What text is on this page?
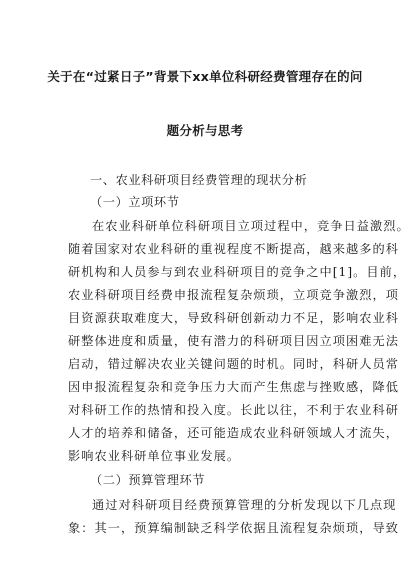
关于在“过紧日子”背景下xx单位科研经费管理存在的问
题分析与思考
一、农业科研项目经费管理的现状分析
（一）立项环节
在农业科研单位科研项目立项过程中，竞争日益激烈。
随着国家对农业科研的重视程度不断提高，越来越多的科
研机构和人员参与到农业科研项目的竞争之中[1]。目前，
农业科研项目经费申报流程复杂烦琐，立项竞争激烈，项
目资源获取难度大，导致科研创新动力不足，影响农业科
研整体进度和质量，使有潜力的科研项目因立项困难无法
启动，错过解决农业关键问题的时机。同时，科研人员常
因申报流程复杂和竞争压力大而产生焦虑与挫败感，降低
对科研工作的热情和投入度。长此以往，不利于农业科研
人才的培养和储备，还可能造成农业科研领域人才流失，
影响农业科研单位事业发展。
（二）预算管理环节
通过对科研项目经费预算管理的分析发现以下几点现
象：其一，预算编制缺乏科学依据且流程复杂烦琐，导致
